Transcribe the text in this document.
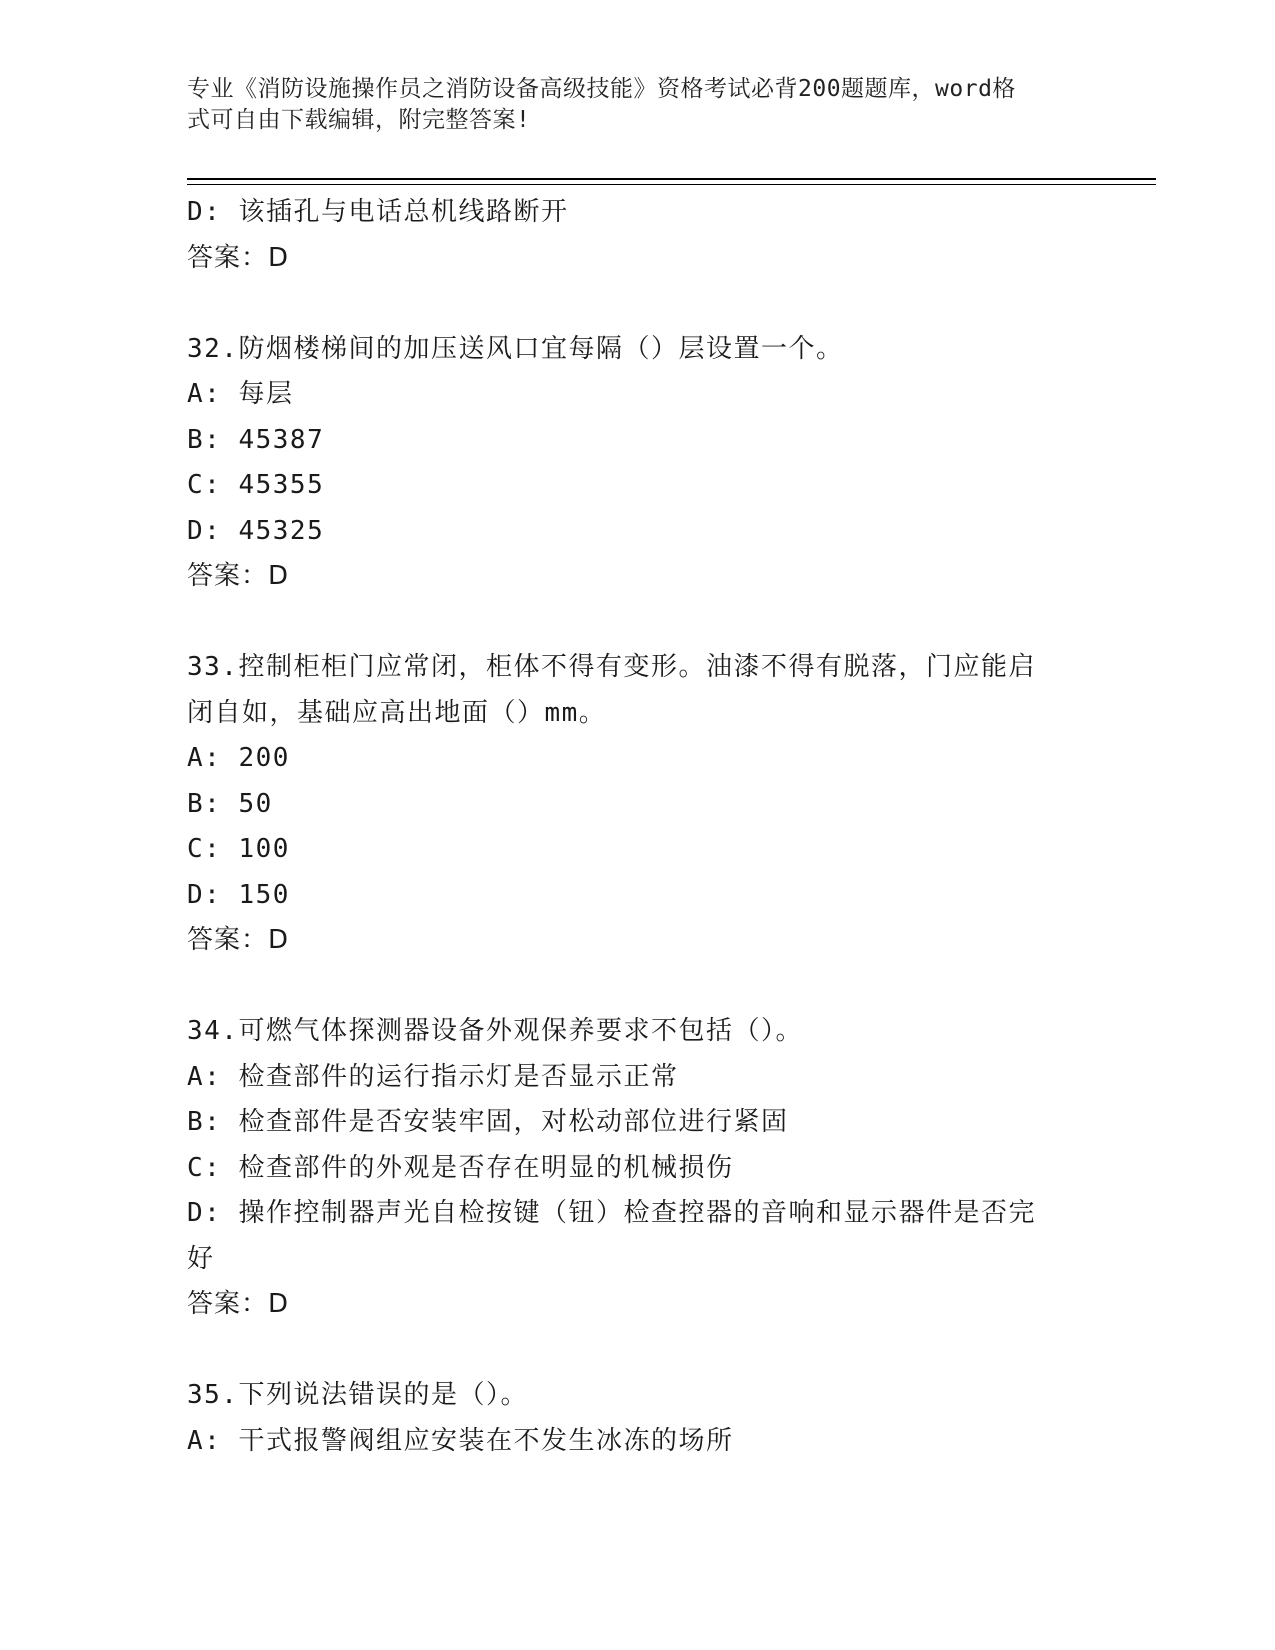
专业《消防设施操作员之消防设备高级技能》资格考试必背200题题库，word格

式可自由下载编辑，附完整答案!

D: 该插孔与电话总机线路断开
答案：D
32.防烟楼梯间的加压送风口宜每隔（）层设置一个。
A: 每层
B: 45387
C: 45355
D: 45325
答案：D
33.控制柜柜门应常闭，柜体不得有变形。油漆不得有脱落，门应能启
闭自如，基础应高出地面（）mm。
A: 200
B: 50
C: 100
D: 150
答案：D
34.可燃气体探测器设备外观保养要求不包括（）。
A: 检查部件的运行指示灯是否显示正常
B: 检查部件是否安装牢固，对松动部位进行紧固
C: 检查部件的外观是否存在明显的机械损伤
D: 操作控制器声光自检按键（钮）检查控器的音响和显示器件是否完
好
答案：D
35.下列说法错误的是（）。
A: 干式报警阀组应安装在不发生冰冻的场所
